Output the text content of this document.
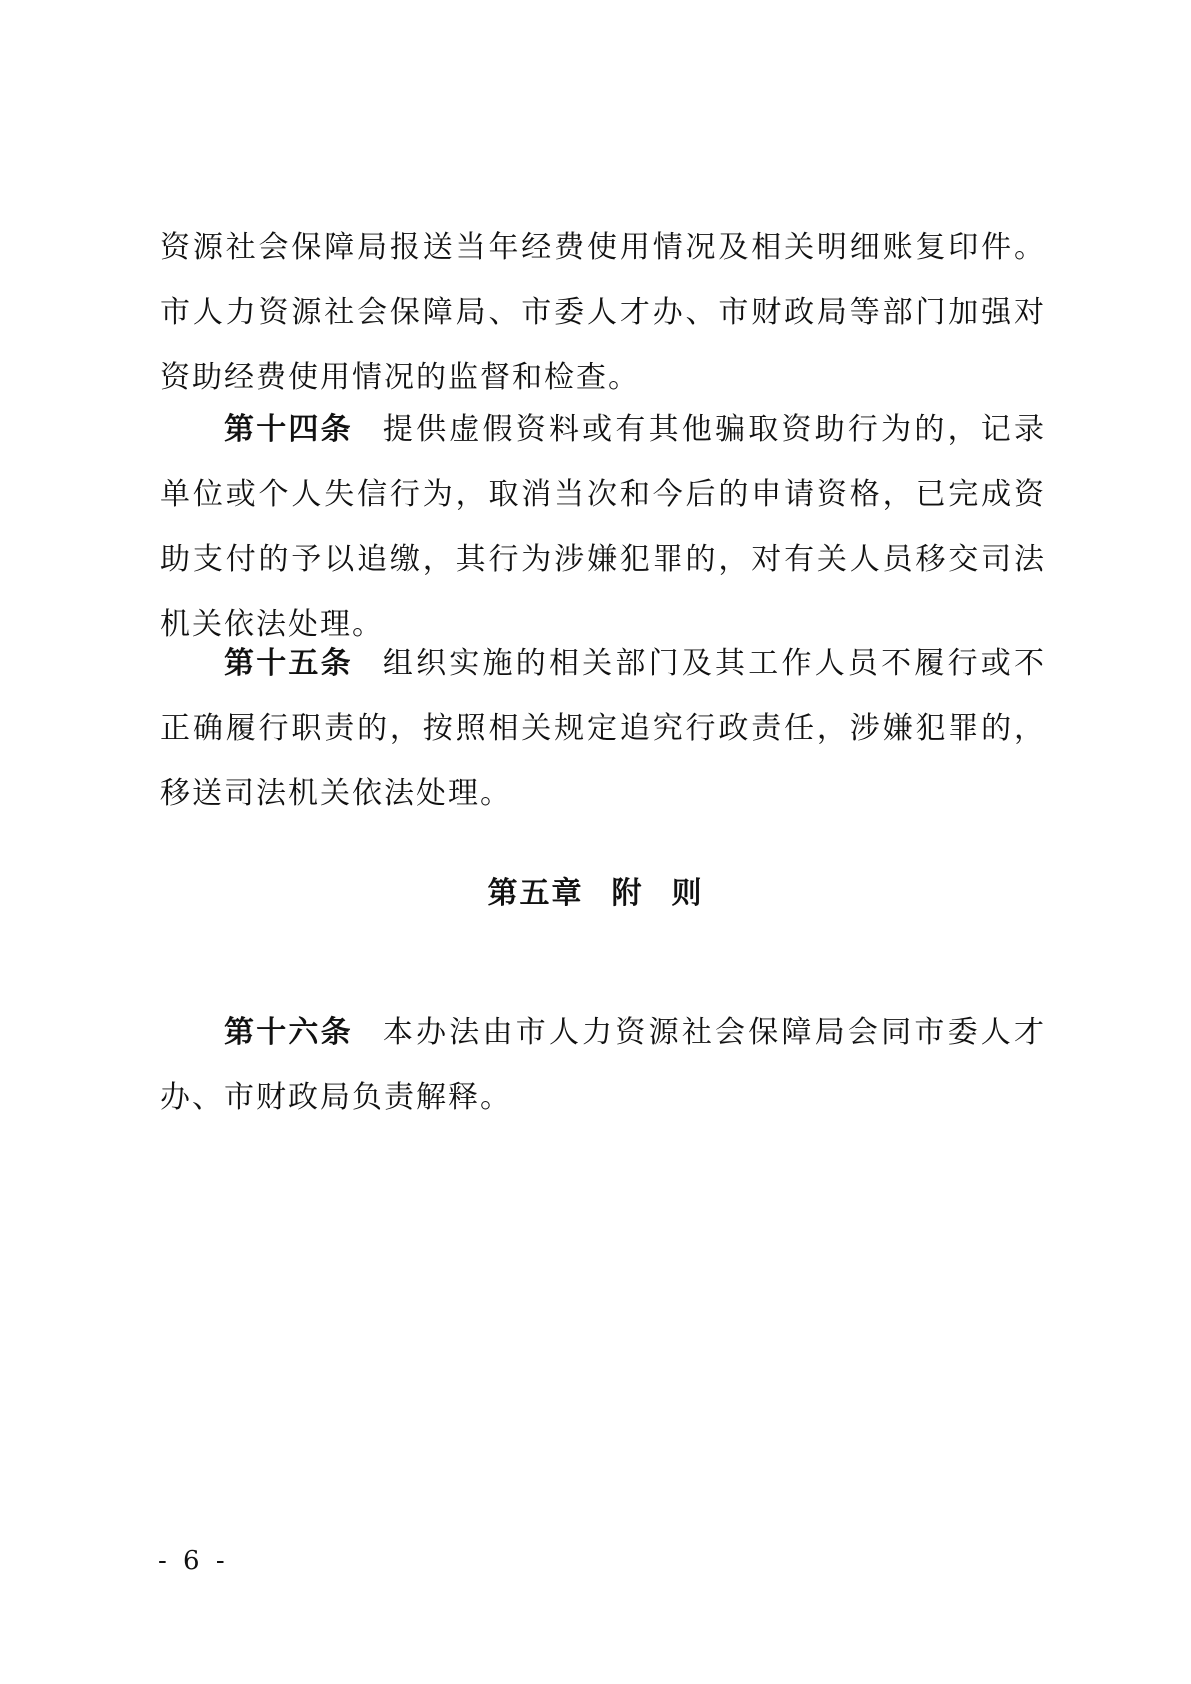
资源社会保障局报送当年经费使用情况及相关明细账复印件。市人力资源社会保障局、市委人才办、市财政局等部门加强对资助经费使用情况的监督和检查。

第十四条 提供虚假资料或有其他骗取资助行为的，记录单位或个人失信行为，取消当次和今后的申请资格，已完成资助支付的予以追缴，其行为涉嫌犯罪的，对有关人员移交司法机关依法处理。

第十五条 组织实施的相关部门及其工作人员不履行或不正确履行职责的，按照相关规定追究行政责任，涉嫌犯罪的，移送司法机关依法处理。

第五章 附 则

第十六条 本办法由市人力资源社会保障局会同市委人才办、市财政局负责解释。

- 6 -
